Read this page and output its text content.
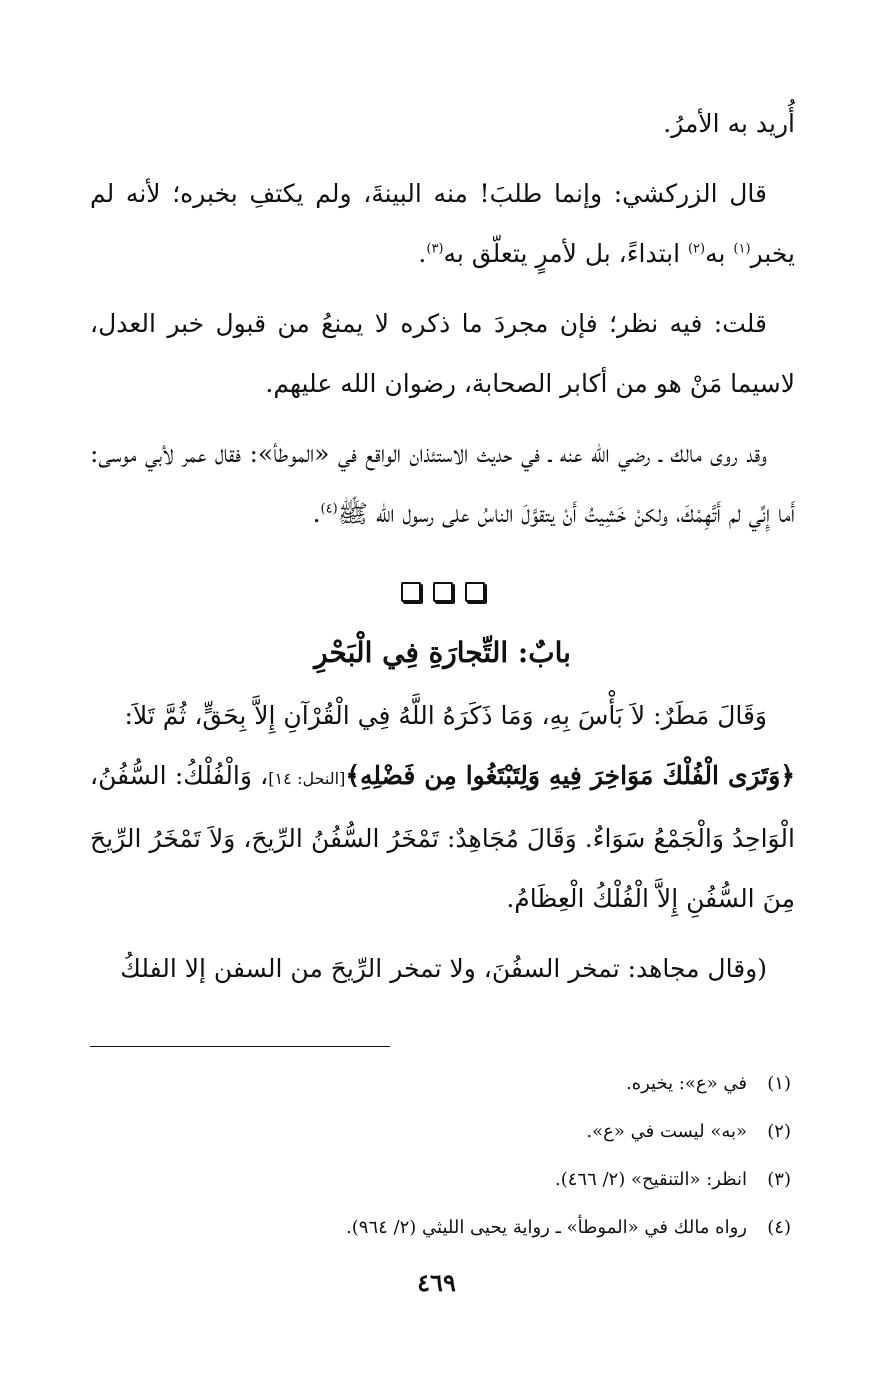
أُريد به الأمرُ.

قال الزركشي: وإنما طلبَ! منه البينةَ، ولم يكتفِ بخبره؛ لأنه لم يخبر$^{(١)}$ به$^{(٢)}$ ابتداءً، بل لأمرٍ يتعلّق به$^{(٣)}$.

قلت: فيه نظر؛ فإن مجردَ ما ذكره لا يمنعُ من قبول خبر العدل، لاسيما مَنْ هو من أكابر الصحابة، رضوان الله عليهم.

وقد روى مالك ـ رضي الله عنه ـ في حديث الاستئذان الواقع في «الموطأ»: فقال عمر لأبي موسى: أَما إِنِّي لم أَتَّهِمْكَ، ولكنْ خَشِيتُ أَنْ يتقوَّلَ الناسُ على رسول الله ﷺ$^{(٤)}$.

بابٌ: التِّجارَةِ فِي الْبَحْرِ

وَقَالَ مَطَرٌ: لاَ بَأْسَ بِهِ، وَمَا ذَكَرَهُ اللَّهُ فِي الْقُرْآنِ إِلاَّ بِحَقٍّ، ثُمَّ تَلاَ:

﴿وَتَرَى الْفُلْكَ مَوَاخِرَ فِيهِ وَلِتَبْتَغُوا مِن فَضْلِهِ﴾[النحل: ١٤]، وَالْفُلْكُ: السُّفُنُ، الْوَاحِدُ وَالْجَمْعُ سَوَاءٌ. وَقَالَ مُجَاهِدٌ: تَمْخَرُ السُّفُنُ الرِّيحَ، وَلاَ تَمْخَرُ الرِّيحَ مِنَ السُّفُنِ إِلاَّ الْفُلْكُ الْعِظَامُ.

(وقال مجاهد: تمخر السفُنَ، ولا تمخر الرِّيحَ من السفن إلا الفلكُ

(١)في «ع»: يخيره.

(٢)«به» ليست في «ع».

(٣)انظر: «التنقيح» (٢/ ٤٦٦).

(٤)رواه مالك في «الموطأ» ـ رواية يحيى الليثي (٢/ ٩٦٤).

٤٦٩
